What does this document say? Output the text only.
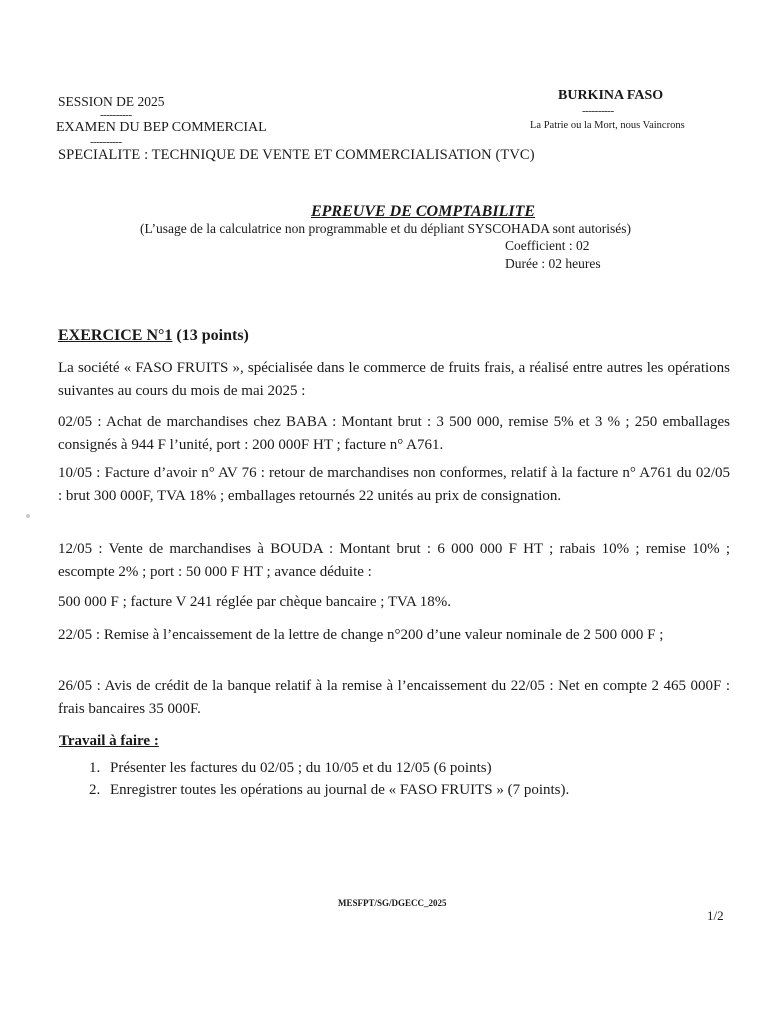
SESSION DE 2025
----------
EXAMEN DU BEP COMMERCIAL
----------
SPECIALITE : TECHNIQUE DE VENTE ET COMMERCIALISATION (TVC)
BURKINA FASO
----------
La Patrie ou la Mort, nous Vaincrons
EPREUVE DE COMPTABILITE
(L’usage de la calculatrice non programmable et du dépliant SYSCOHADA sont autorisés)
Coefficient : 02
Durée : 02 heures
EXERCICE N°1 (13 points)
La société « FASO FRUITS », spécialisée dans le commerce de fruits frais, a réalisé entre autres les opérations suivantes au cours du mois de mai 2025 :
02/05 : Achat de marchandises chez BABA : Montant brut : 3 500 000, remise 5% et 3 % ; 250 emballages consignés à 944 F l’unité, port : 200 000F HT ; facture n° A761.
10/05 : Facture d’avoir n° AV 76 : retour de marchandises non conformes, relatif à la facture n° A761 du 02/05 : brut 300 000F, TVA 18% ; emballages retournés 22 unités au prix de consignation.
12/05 : Vente de marchandises à BOUDA : Montant brut : 6 000 000 F HT ; rabais 10% ; remise 10% ; escompte 2% ; port : 50 000 F HT ; avance déduite :
500 000 F ; facture V 241 réglée par chèque bancaire ; TVA 18%.
22/05 : Remise à l’encaissement de la lettre de change n°200 d’une valeur nominale de 2 500 000 F ;
26/05 : Avis de crédit de la banque relatif à la remise à l’encaissement du 22/05 : Net en compte 2 465 000F : frais bancaires 35 000F.
Travail à faire :
1. Présenter les factures du 02/05 ; du 10/05 et du 12/05 (6 points)
2. Enregistrer toutes les opérations au journal de « FASO FRUITS » (7 points).
MESFPT/SG/DGECC_2025
1/2
